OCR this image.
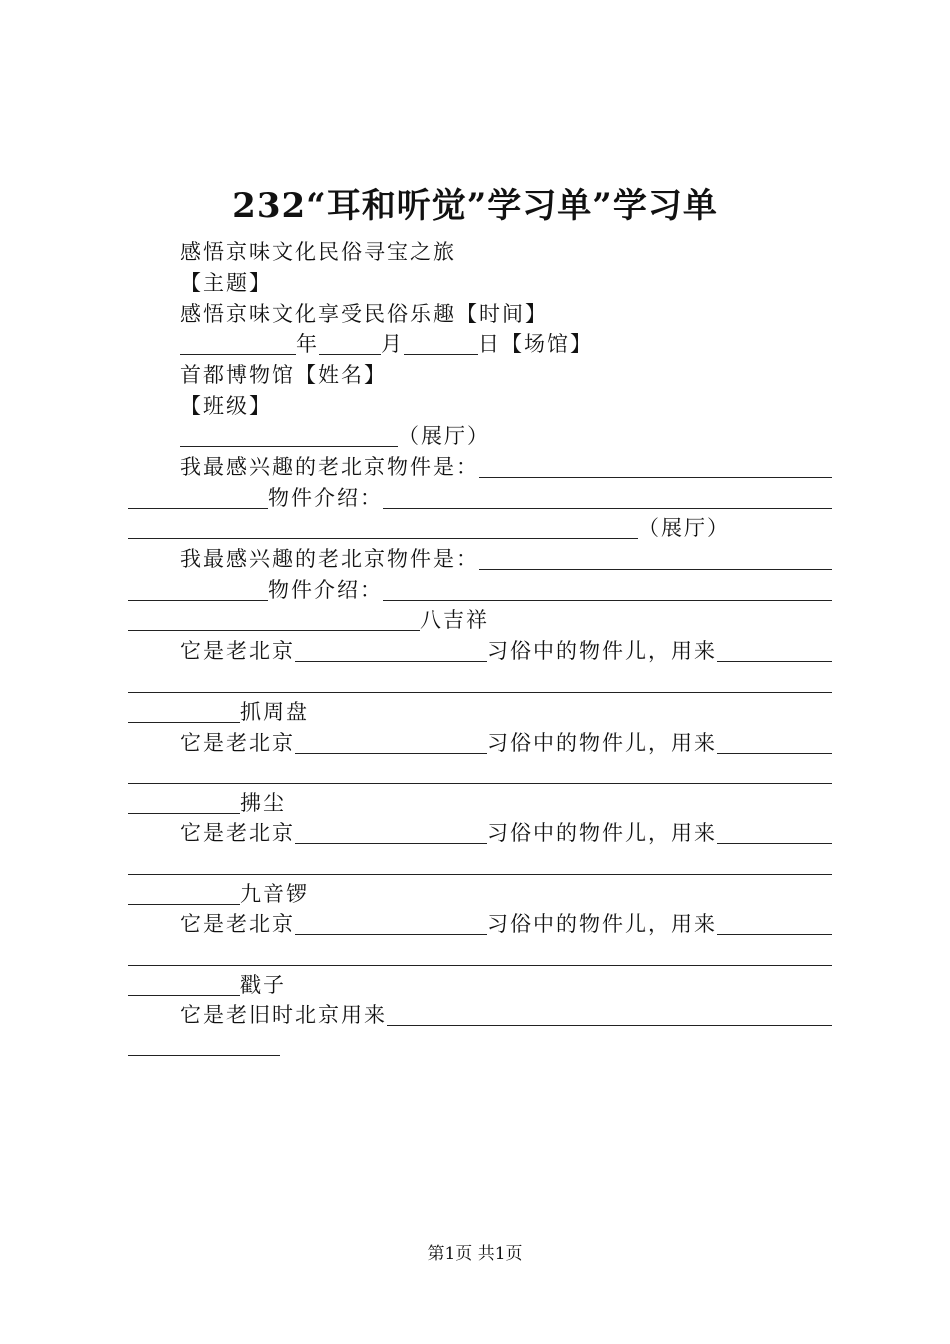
232“耳和听觉”学习单”学习单
感悟京味文化民俗寻宝之旅
【主题】
感悟京味文化享受民俗乐趣【时间】
年	月	日【场馆】
首都博物馆【姓名】
【班级】
（展厅）
我最感兴趣的老北京物件是：
物件介绍：
（展厅）
我最感兴趣的老北京物件是：
物件介绍：
八吉祥
它是老北京	习俗中的物件儿，用来
抓周盘
它是老北京	习俗中的物件儿，用来
拂尘
它是老北京	习俗中的物件儿，用来
九音锣
它是老北京	习俗中的物件儿，用来
戳子
它是老旧时北京用来
第1页 共1页
